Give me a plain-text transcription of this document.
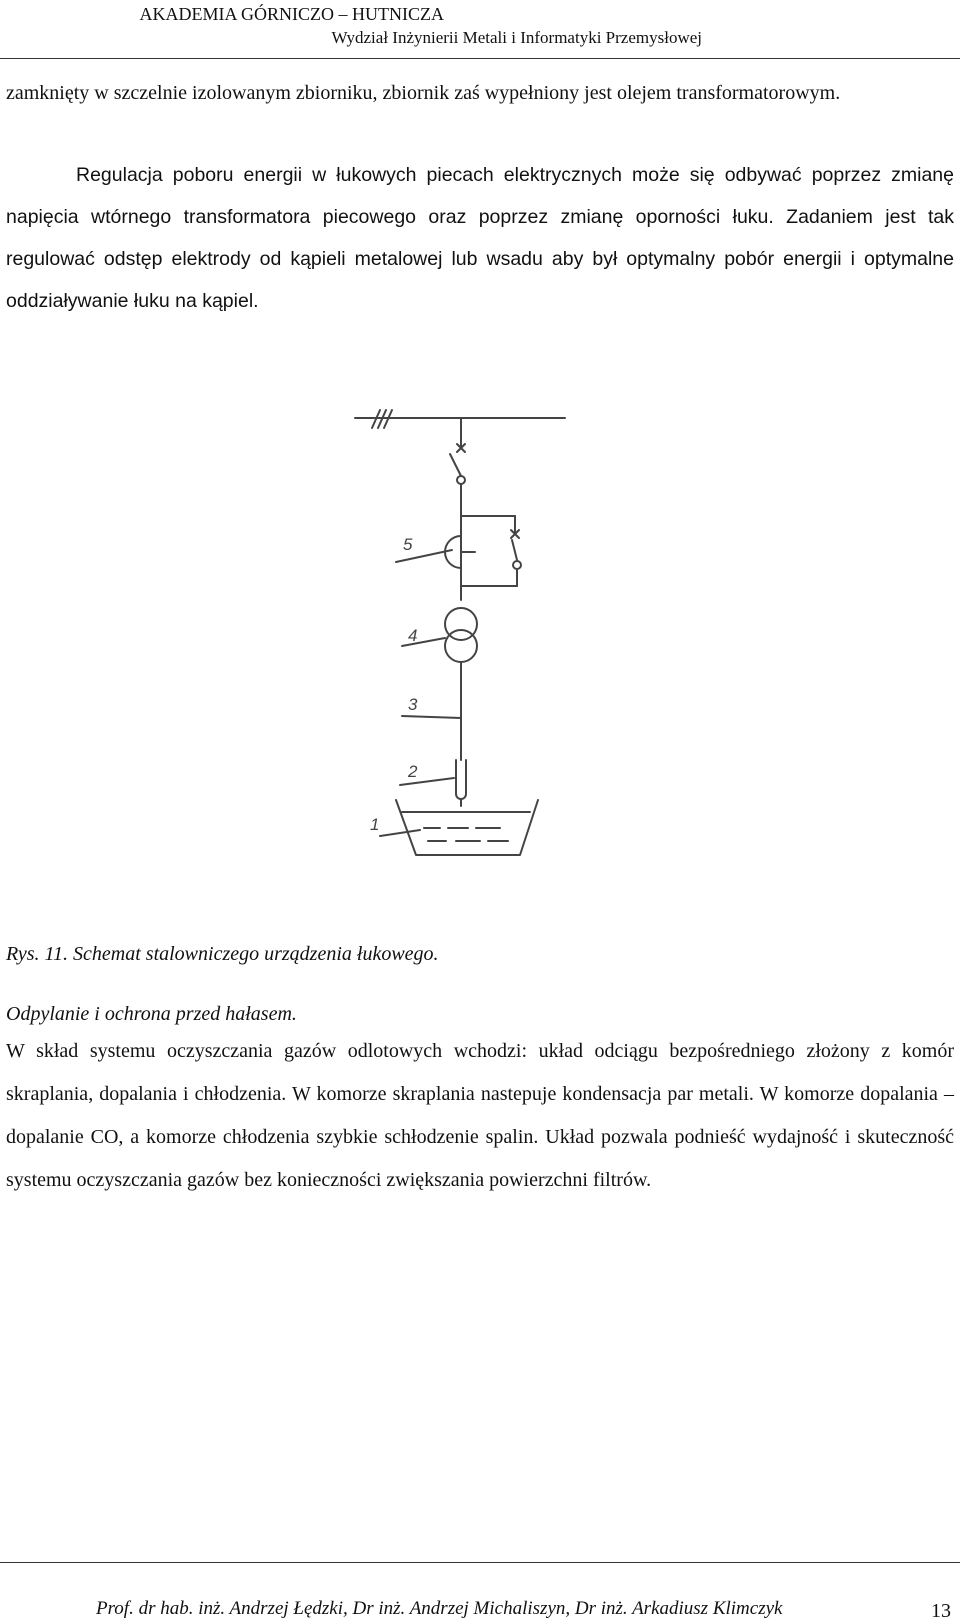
AKADEMIA GÓRNICZO – HUTNICZA
Wydział Inżynierii Metali i Informatyki Przemysłowej

zamknięty w szczelnie izolowanym zbiorniku, zbiornik zaś wypełniony jest olejem transformatorowym.

Regulacja poboru energii w łukowych piecach elektrycznych może się odbywać poprzez zmianę napięcia wtórnego transformatora piecowego oraz poprzez zmianę oporności łuku. Zadaniem jest tak regulować odstęp elektrody od kąpieli metalowej lub wsadu aby był optymalny pobór energii i optymalne oddziaływanie łuku na kąpiel.

5
4
3
2
1

Rys. 11. Schemat stalowniczego urządzenia łukowego.

Odpylanie i ochrona przed hałasem.

W skład systemu oczyszczania gazów odlotowych wchodzi: układ odciągu bezpośredniego złożony z komór skraplania, dopalania i chłodzenia. W komorze skraplania nastepuje kondensacja par metali. W komorze dopalania – dopalanie CO, a komorze chłodzenia szybkie schłodzenie spalin. Układ pozwala podnieść wydajność i skuteczność systemu oczyszczania gazów bez konieczności zwiększania powierzchni filtrów.

Prof. dr hab. inż. Andrzej Łędzki, Dr inż. Andrzej Michaliszyn, Dr inż. Arkadiusz Klimczyk	13
